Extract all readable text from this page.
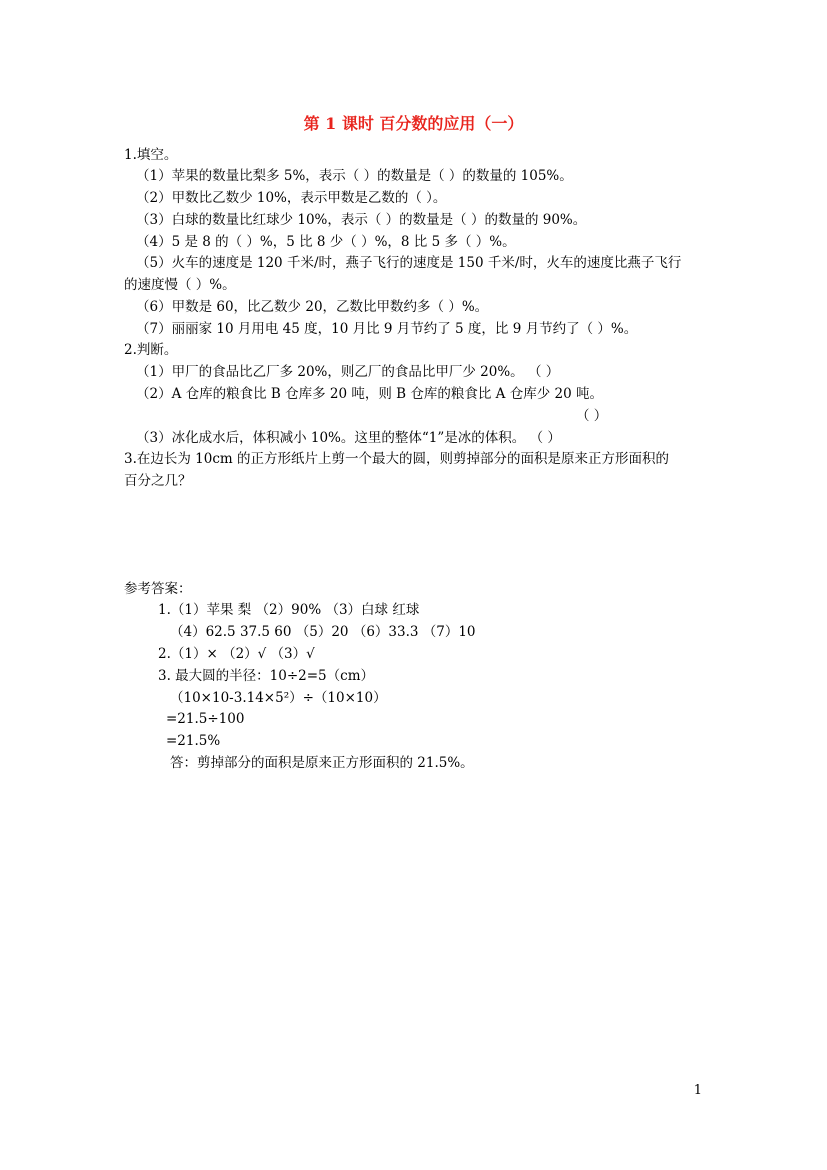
第 1 课时 百分数的应用（一）
1.填空。
（1）苹果的数量比梨多 5%，表示（ ）的数量是（ ）的数量的 105%。
（2）甲数比乙数少 10%，表示甲数是乙数的（ ）。
（3）白球的数量比红球少 10%，表示（ ）的数量是（ ）的数量的 90%。
（4）5 是 8 的（ ）%，5 比 8 少（ ）%，8 比 5 多（ ）%。
（5）火车的速度是 120 千米/时，燕子飞行的速度是 150 千米/时，火车的速度比燕子飞行
的速度慢（ ）%。
（6）甲数是 60，比乙数少 20，乙数比甲数约多（ ）%。
（7）丽丽家 10 月用电 45 度，10 月比 9 月节约了 5 度，比 9 月节约了（ ）%。
2.判断。
（1）甲厂的食品比乙厂多 20%，则乙厂的食品比甲厂少 20%。 （ ）
（2）A 仓库的粮食比 B 仓库多 20 吨，则 B 仓库的粮食比 A 仓库少 20 吨。
（ ）
（3）冰化成水后，体积减小 10%。这里的整体“1”是冰的体积。 （ ）
3.在边长为 10cm 的正方形纸片上剪一个最大的圆，则剪掉部分的面积是原来正方形面积的
百分之几？
参考答案：
1.（1）苹果 梨 （2）90% （3）白球 红球
（4）62.5 37.5 60 （5）20 （6）33.3 （7）10
2.（1）× （2）√ （3）√
3. 最大圆的半径：10÷2=5（cm）
（10×10-3.14×5²）÷（10×10）
=21.5÷100
=21.5%
答：剪掉部分的面积是原来正方形面积的 21.5%。
1
